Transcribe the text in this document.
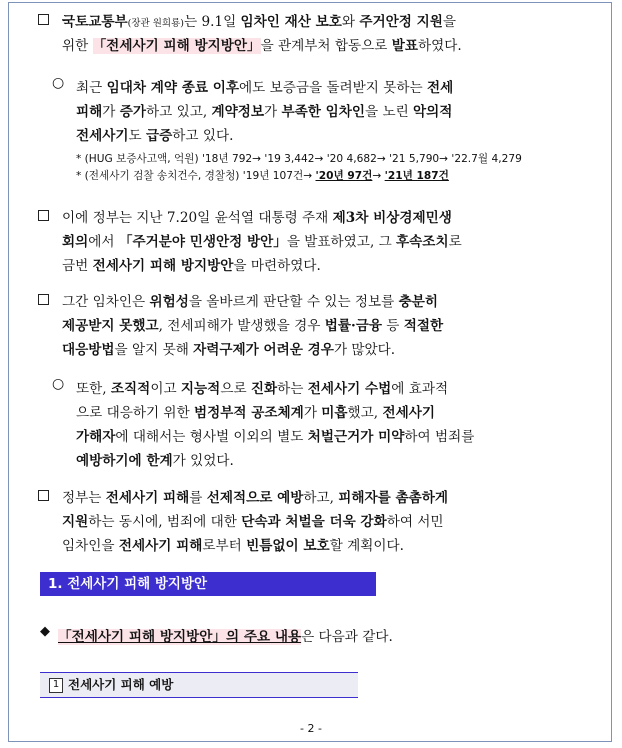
국토교통부(장관 원희룡)는 9.1일 임차인 재산 보호와 주거안정 지원을
위한 「전세사기 피해 방지방안」을 관계부처 합동으로 발표하였다.
○ 최근 임대차 계약 종료 이후에도 보증금을 돌려받지 못하는 전세
피해가 증가하고 있고, 계약정보가 부족한 임차인을 노린 악의적
전세사기도 급증하고 있다.
* (HUG 보증사고액, 억원) '18년 792→ '19 3,442→ '20 4,682→ '21 5,790→ '22.7월 4,279
* (전세사기 검찰 송치건수, 경찰청) '19년 107건→ '20년 97건→ '21년 187건
이에 정부는 지난 7.20일 윤석열 대통령 주재 제3차 비상경제민생
회의에서 「주거분야 민생안정 방안」을 발표하였고, 그 후속조치로
금번 전세사기 피해 방지방안을 마련하였다.
그간 임차인은 위험성을 올바르게 판단할 수 있는 정보를 충분히
제공받지 못했고, 전세피해가 발생했을 경우 법률·금융 등 적절한
대응방법을 알지 못해 자력구제가 어려운 경우가 많았다.
○ 또한, 조직적이고 지능적으로 진화하는 전세사기 수법에 효과적
으로 대응하기 위한 범정부적 공조체계가 미흡했고, 전세사기
가해자에 대해서는 형사벌 이외의 별도 처벌근거가 미약하여 범죄를
예방하기에 한계가 있었다.
정부는 전세사기 피해를 선제적으로 예방하고, 피해자를 촘촘하게
지원하는 동시에, 범죄에 대한 단속과 처벌을 더욱 강화하여 서민
임차인을 전세사기 피해로부터 빈틈없이 보호할 계획이다.
1. 전세사기 피해 방지방안
◆ 「전세사기 피해 방지방안」의 주요 내용은 다음과 같다.
1 전세사기 피해 예방
- 2 -
